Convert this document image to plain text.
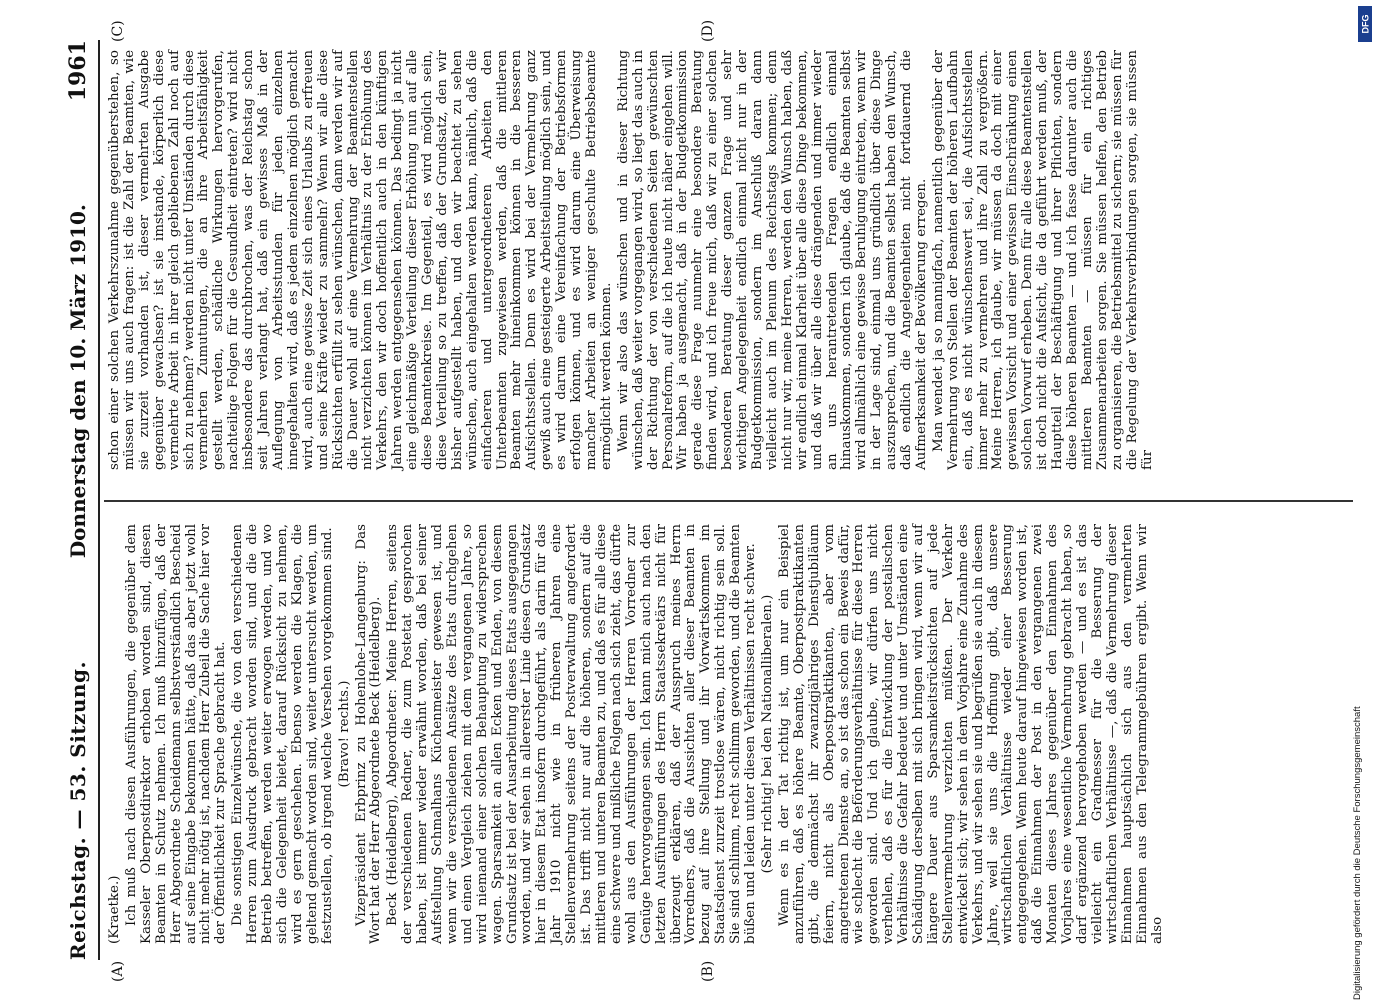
Reichstag. — 53. Sitzung.
Donnerstag den 10. März 1910.
1961
(A)	(B)
(C)	(D)

(Kraetke.) Ich muß nach diesen Ausführungen, die gegenüber dem Kasseler Oberpostdirektor erhoben worden sind, diesen Beamten in Schutz nehmen. Ich muß hinzufügen, daß der Herr Abgeordnete Scheidemann selbstverständlich Bescheid auf seine Eingabe bekommen hätte, daß das aber jetzt wohl nicht mehr nötig ist, nachdem Herr Zubeil die Sache hier vor der Öffentlichkeit zur Sprache gebracht hat. Die sonstigen Einzelwünsche, die von den verschiedenen Herren zum Ausdruck gebracht worden sind, und die die Betrieb betreffen, werden weiter erwogen werden, und wo sich die Gelegenheit bietet, darauf Rücksicht zu nehmen, wird es gern geschehen. Ebenso werden die Klagen, die geltend gemacht worden sind, weiter untersucht werden, um festzustellen, ob irgend welche Versehen vorgekommen sind. (Bravo! rechts.) Vizepräsident Erbprinz zu Hohenlohe-Langenburg: Das Wort hat der Herr Abgeordnete Beck (Heidelberg). Beck (Heidelberg), Abgeordneter: Meine Herren, seitens der verschiedenen Redner, die zum Postetat gesprochen haben, ist immer wieder erwähnt worden, daß bei seiner Aufstellung Schmalhans Küchenmeister gewesen ist, und wenn wir die verschiedenen Ansätze des Etats durchgehen und einen Vergleich ziehen mit dem vergangenen Jahre, so wird niemand einer solchen Behauptung zu widersprechen wagen. Sparsamkeit an allen Ecken und Enden, von diesem Grundsatz ist bei der Ausarbeitung dieses Etats ausgegangen worden, und wir sehen in allererster Linie diesen Grundsatz hier in diesem Etat insofern durchgeführt, als darin für das Jahr 1910 nicht wie in früheren Jahren eine Stellenvermehrung seitens der Postverwaltung angefordert ist. Das trifft nicht nur auf die höheren, sondern auf die mittleren und unteren Beamten zu, und daß es für alle diese eine schwere und mißliche Folgen nach sich zieht, das dürfte wohl aus den Ausführungen der Herren Vorredner zur Genüge hervorgegangen sein. Ich kann mich auch nach den letzten Ausführungen des Herrn Staatssekretärs nicht für überzeugt erklären, daß der Ausspruch meines Herrn Vorredners, daß die Aussichten aller dieser Beamten in bezug auf ihre Stellung und ihr Vorwärtskommen im Staatsdienst zurzeit trostlose wären, nicht richtig sein soll. Sie sind schlimm, recht schlimm geworden, und die Beamten büßen und leiden unter diesen Verhältnissen recht schwer. (Sehr richtig! bei den Nationalliberalen.) Wenn es in der Tat richtig ist, um nur ein Beispiel anzuführen, daß es höhere Beamte, Oberpostpraktikanten gibt, die demnächst ihr zwanzigjähriges Dienstjubiläum feiern, nicht als Oberpostpraktikanten, aber vom angetretenen Dienste an, so ist das schon ein Beweis dafür, wie schlecht die Beförderungsverhältnisse für diese Herren geworden sind. Und ich glaube, wir dürfen uns nicht verhehlen, daß es für die Entwicklung der postalischen Verhältnisse die Gefahr bedeutet und unter Umständen eine Schädigung derselben mit sich bringen wird, wenn wir auf längere Dauer aus Sparsamkeitsrücksichten auf jede Stellenvermehrung verzichten müßten. Der Verkehr entwickelt sich; wir sehen in dem Vorjahre eine Zunahme des Verkehrs, und wir sehen sie und begrüßen sie auch in diesem Jahre, weil sie uns die Hoffnung gibt, daß unsere wirtschaftlichen Verhältnisse wieder einer Besserung entgegengehen. Wenn heute darauf hingewiesen worden ist, daß die Einnahmen der Post in den vergangenen zwei Monaten dieses Jahres gegenüber den Einnahmen des Vorjahres eine wesentliche Vermehrung gebracht haben, so darf ergänzend hervorgehoben werden — und es ist das vielleicht ein Gradmesser für die Besserung der wirtschaftlichen Verhältnisse —, daß die Vermehrung dieser Einnahmen hauptsächlich sich aus den vermehrten Einnahmen aus den Telegrammgebühren ergibt. Wenn wir also

schon einer solchen Verkehrszunahme gegenüberstehen, so müssen wir uns auch fragen: ist die Zahl der Beamten, wie sie zurzeit vorhanden ist, dieser vermehrten Ausgabe gegenüber gewachsen? ist sie imstande, körperlich diese vermehrte Arbeit in ihrer gleich gebliebenen Zahl noch auf sich zu nehmen? werden nicht unter Umständen durch diese vermehrten Zumutungen, die an ihre Arbeitsfähigkeit gestellt werden, schädliche Wirkungen hervorgerufen, nachteilige Folgen für die Gesundheit eintreten? wird nicht insbesondere das durchbrochen, was der Reichstag schon seit Jahren verlangt hat, daß ein gewisses Maß in der Auflegung von Arbeitsstunden für jeden einzelnen innegehalten wird, daß es jedem einzelnen möglich gemacht wird, auch eine gewisse Zeit sich eines Urlaubs zu erfreuen und seine Kräfte wieder zu sammeln? Wenn wir alle diese Rücksichten erfüllt zu sehen wünschen, dann werden wir auf die Dauer wohl auf eine Vermehrung der Beamtenstellen nicht verzichten können im Verhältnis zu der Erhöhung des Verkehrs, den wir doch hoffentlich auch in den künftigen Jahren werden entgegensehen können. Das bedingt ja nicht eine gleichmäßige Verteilung dieser Erhöhung nun auf alle diese Beamtenkreise. Im Gegenteil, es wird möglich sein, diese Verteilung so zu treffen, daß der Grundsatz, den wir bisher aufgestellt haben, und den wir beachtet zu sehen wünschen, auch eingehalten werden kann, nämlich, daß die einfacheren und untergeordneteren Arbeiten den Unterbeamten zugewiesen werden, daß die mittleren Beamten mehr hineinkommen können in die besseren Aufsichtsstellen. Denn es wird bei der Vermehrung ganz gewiß auch eine gesteigerte Arbeitsteilung möglich sein, und es wird darum eine Vereinfachung der Betriebsformen erfolgen können, und es wird darum eine Überweisung mancher Arbeiten an weniger geschulte Betriebsbeamte ermöglicht werden können. Wenn wir also das wünschen und in dieser Richtung wünschen, daß weiter vorgegangen wird, so liegt das auch in der Richtung der von verschiedenen Seiten gewünschten Personalreform, auf die ich heute nicht näher eingehen will. Wir haben ja ausgemacht, daß in der Budgetkommission gerade diese Frage nunmehr eine besondere Beratung finden wird, und ich freue mich, daß wir zu einer solchen besonderen Beratung dieser ganzen Frage und sehr wichtigen Angelegenheit endlich einmal nicht nur in der Budgetkommission, sondern im Anschluß daran dann vielleicht auch im Plenum des Reichstags kommen; denn nicht nur wir, meine Herren, werden den Wunsch haben, daß wir endlich einmal Klarheit über alle diese Dinge bekommen, und daß wir über alle diese drängenden und immer wieder an uns herantretenden Fragen endlich einmal hinauskommen, sondern ich glaube, daß die Beamten selbst wird allmählich eine gewisse Beruhigung eintreten, wenn wir in der Lage sind, einmal uns gründlich über diese Dinge auszusprechen, und die Beamten selbst haben den Wunsch, daß endlich die Angelegenheiten nicht fortdauernd die Aufmerksamkeit der Bevölkerung erregen. Man wendet ja so mannigfach, namentlich gegenüber der Vermehrung von Stellen der Beamten der höheren Laufbahn ein, daß es nicht wünschenswert sei, die Aufsichtsstellen immer mehr zu vermehren und ihre Zahl zu vergrößern. Meine Herren, ich glaube, wir müssen da doch mit einer gewissen Vorsicht und einer gewissen Einschränkung einen solchen Vorwurf erheben. Denn für alle diese Beamtenstellen ist doch nicht die Aufsicht, die da geführt werden muß, der Hauptteil der Beschäftigung und ihrer Pflichten, sondern diese höheren Beamten — und ich fasse darunter auch die mittleren Beamten — müssen für ein richtiges Zusammenarbeiten sorgen. Sie müssen helfen, den Betrieb zu organisieren, die Betriebsmittel zu sichern; sie müssen für die Regelung der Verkehrsverbindungen sorgen, sie müssen für

DFG
Digitalisierung gefördert durch die Deutsche Forschungsgemeinschaft
